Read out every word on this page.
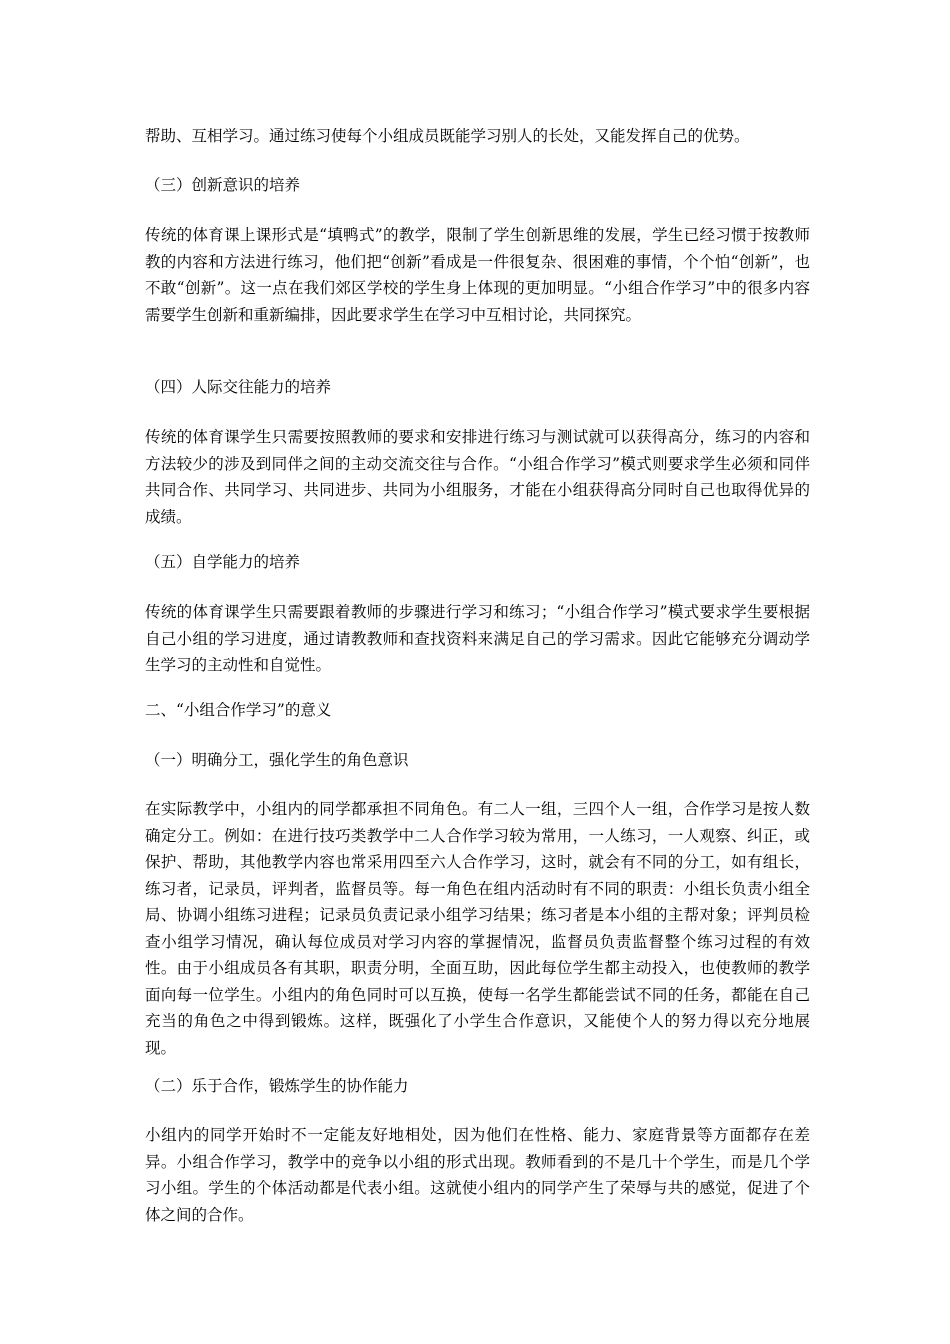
帮助、互相学习。通过练习使每个小组成员既能学习别人的长处，又能发挥自己的优势。

（三）创新意识的培养

传统的体育课上课形式是“填鸭式”的教学，限制了学生创新思维的发展，学生已经习惯于按教师教的内容和方法进行练习，他们把“创新”看成是一件很复杂、很困难的事情，个个怕“创新”，也不敢“创新”。这一点在我们郊区学校的学生身上体现的更加明显。“小组合作学习”中的很多内容需要学生创新和重新编排，因此要求学生在学习中互相讨论，共同探究。

（四）人际交往能力的培养

传统的体育课学生只需要按照教师的要求和安排进行练习与测试就可以获得高分，练习的内容和方法较少的涉及到同伴之间的主动交流交往与合作。“小组合作学习”模式则要求学生必须和同伴共同合作、共同学习、共同进步、共同为小组服务，才能在小组获得高分同时自己也取得优异的成绩。

（五）自学能力的培养

传统的体育课学生只需要跟着教师的步骤进行学习和练习；“小组合作学习”模式要求学生要根据自己小组的学习进度，通过请教教师和查找资料来满足自己的学习需求。因此它能够充分调动学生学习的主动性和自觉性。

二、“小组合作学习”的意义

（一）明确分工，强化学生的角色意识

在实际教学中，小组内的同学都承担不同角色。有二人一组，三四个人一组，合作学习是按人数确定分工。例如：在进行技巧类教学中二人合作学习较为常用，一人练习，一人观察、纠正，或保护、帮助，其他教学内容也常采用四至六人合作学习，这时，就会有不同的分工，如有组长，练习者，记录员，评判者，监督员等。每一角色在组内活动时有不同的职责：小组长负责小组全局、协调小组练习进程；记录员负责记录小组学习结果；练习者是本小组的主帮对象；评判员检查小组学习情况，确认每位成员对学习内容的掌握情况，监督员负责监督整个练习过程的有效性。由于小组成员各有其职，职责分明，全面互助，因此每位学生都主动投入，也使教师的教学面向每一位学生。小组内的角色同时可以互换，使每一名学生都能尝试不同的任务，都能在自己充当的角色之中得到锻炼。这样，既强化了小学生合作意识，又能使个人的努力得以充分地展现。

（二）乐于合作，锻炼学生的协作能力

小组内的同学开始时不一定能友好地相处，因为他们在性格、能力、家庭背景等方面都存在差异。小组合作学习，教学中的竞争以小组的形式出现。教师看到的不是几十个学生，而是几个学习小组。学生的个体活动都是代表小组。这就使小组内的同学产生了荣辱与共的感觉，促进了个体之间的合作。
